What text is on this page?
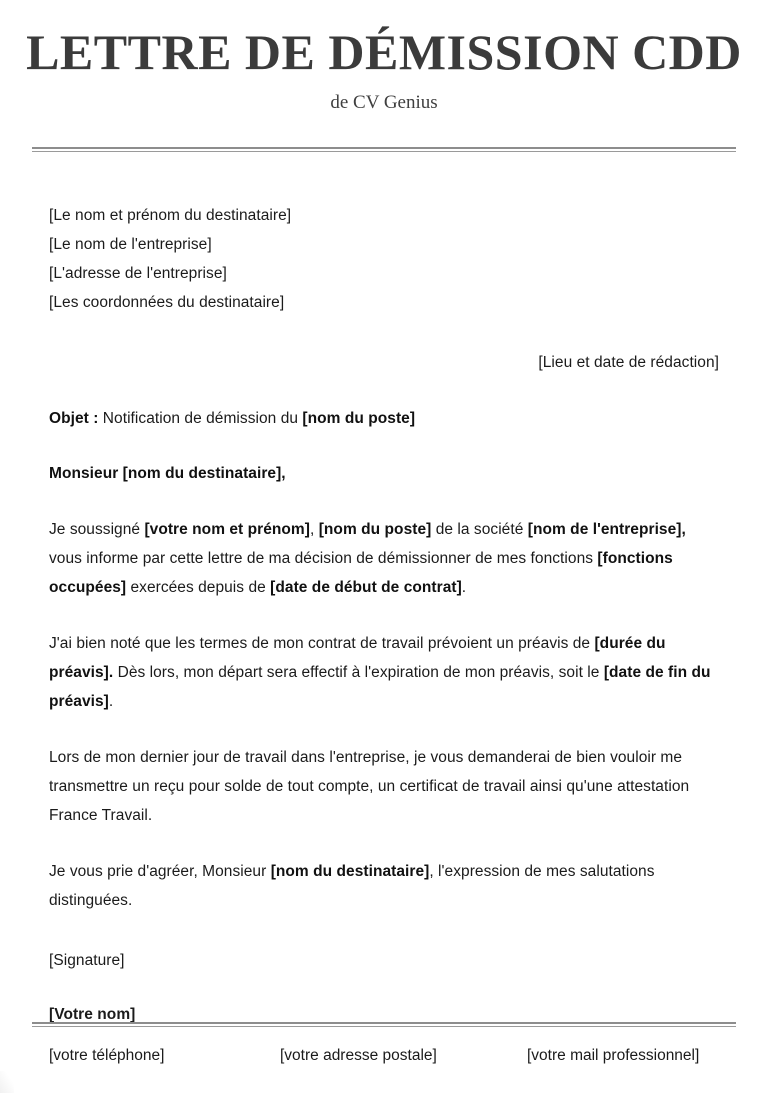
LETTRE DE DÉMISSION CDD
de CV Genius
[Le nom et prénom du destinataire]
[Le nom de l'entreprise]
[L'adresse de l'entreprise]
[Les coordonnées du destinataire]
[Lieu et date de rédaction]
Objet : Notification de démission du [nom du poste]
Monsieur [nom du destinataire],
Je soussigné [votre nom et prénom], [nom du poste] de la société [nom de l'entreprise], vous informe par cette lettre de ma décision de démissionner de mes fonctions [fonctions occupées] exercées depuis de [date de début de contrat].
J'ai bien noté que les termes de mon contrat de travail prévoient un préavis de [durée du préavis]. Dès lors, mon départ sera effectif à l'expiration de mon préavis, soit le [date de fin du préavis].
Lors de mon dernier jour de travail dans l'entreprise, je vous demanderai de bien vouloir me transmettre un reçu pour solde de tout compte, un certificat de travail ainsi qu'une attestation France Travail.
Je vous prie d'agréer, Monsieur [nom du destinataire], l'expression de mes salutations distinguées.
[Signature]
[Votre nom]
[votre téléphone]	[votre adresse postale]	[votre mail professionnel]
